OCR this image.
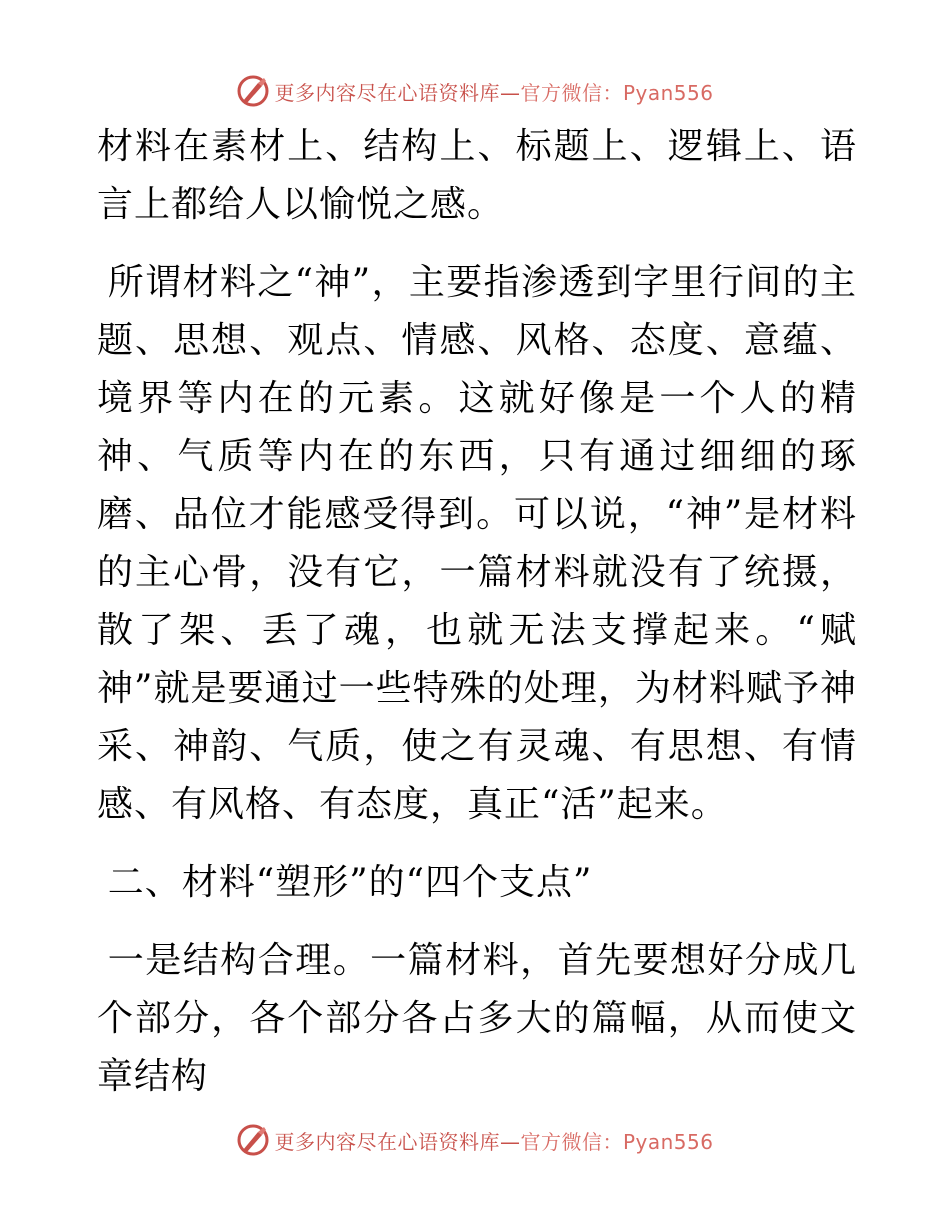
更多内容尽在心语资料库— 官方微信：Pyan556

材料在素材上、结构上、标题上、逻辑上、语言上都给人以愉悦之感。

所谓材料之“神”，主要指渗透到字里行间的主题、思想、观点、情感、风格、态度、意蕴、境界等内在的元素。这就好像是一个人的精神、气质等内在的东西，只有通过细细的琢磨、品位才能感受得到。可以说，“神”是材料的主心骨，没有它，一篇材料就没有了统摄，散了架、丢了魂，也就无法支撑起来。“赋神”就是要通过一些特殊的处理，为材料赋予神采、神韵、气质，使之有灵魂、有思想、有情感、有风格、有态度，真正“活”起来。

二、材料“塑形”的“四个支点”

一是结构合理。一篇材料，首先要想好分成几个部分，各个部分各占多大的篇幅，从而使文章结构

更多内容尽在心语资料库— 官方微信：Pyan556
